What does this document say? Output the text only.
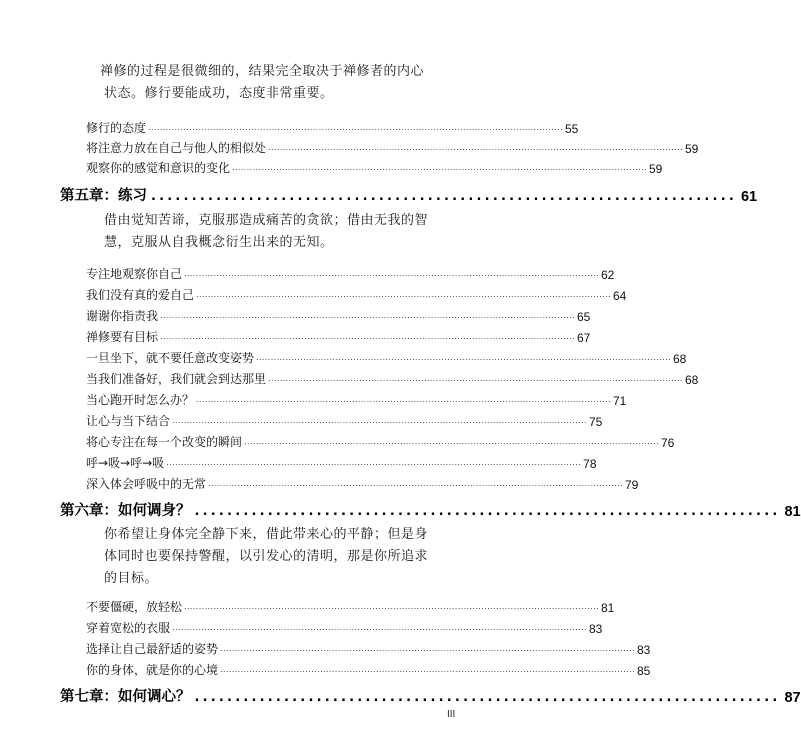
禅修的过程是很微细的，结果完全取决于禅修者的内心
状态。修行要能成功，态度非常重要。
修行的态度 ............................................................................................................................................. 55
将注意力放在自己与他人的相似处 ............................................................................................................................................. 59
观察你的感觉和意识的变化 ............................................................................................................................................. 59
第五章：练习 ........................................................................ 61
借由觉知苦谛，克服那造成痛苦的贪欲；借由无我的智
慧，克服从自我概念衍生出来的无知。
专注地观察你自己 ............................................................................................................................................. 62
我们没有真的爱自己 ............................................................................................................................................. 64
谢谢你指责我 ............................................................................................................................................. 65
禅修要有目标 ............................................................................................................................................. 67
一旦坐下，就不要任意改变姿势 ............................................................................................................................................. 68
当我们准备好，我们就会到达那里 ............................................................................................................................................. 68
当心跑开时怎么办？ ............................................................................................................................................. 71
让心与当下结合 ............................................................................................................................................. 75
将心专注在每一个改变的瞬间 ............................................................................................................................................. 76
呼→吸→呼→吸 ............................................................................................................................................. 78
深入体会呼吸中的无常 ............................................................................................................................................. 79
第六章：如何调身？ ........................................................................ 81
你希望让身体完全静下来，借此带来心的平静；但是身
体同时也要保持警醒，以引发心的清明，那是你所追求
的目标。
不要僵硬，放轻松 ............................................................................................................................................. 81
穿着宽松的衣服 ............................................................................................................................................. 83
选择让自己最舒适的姿势 ............................................................................................................................................. 83
你的身体，就是你的心境 ............................................................................................................................................. 85
第七章：如何调心？ ........................................................................ 87
III
